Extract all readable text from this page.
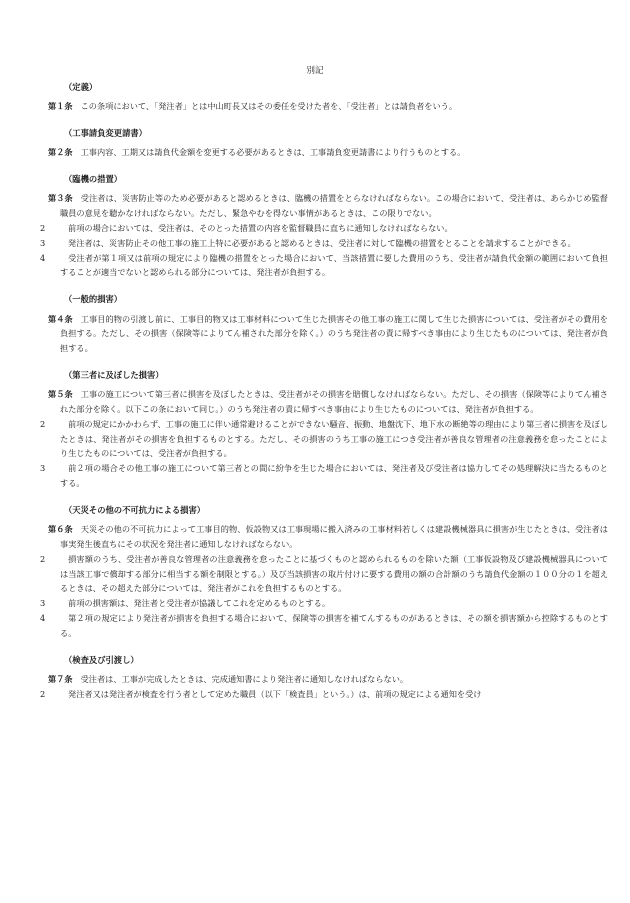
別記
（定義）
第１条 この条項において、「発注者」とは中山町長又はその委任を受けた者を、「受注者」とは請負者をいう。
（工事請負変更請書）
第２条 工事内容、工期又は請負代金額を変更する必要があるときは、工事請負変更請書により行うものとする。
（臨機の措置）
第３条 受注者は、災害防止等のため必要があると認めるときは、臨機の措置をとらなければならない。この場合において、受注者は、あらかじめ監督職員の意見を聴かなければならない。ただし、緊急やむを得ない事情があるときは、この限りでない。
2	前項の場合においては、受注者は、そのとった措置の内容を監督職員に直ちに通知しなければならない。
3	発注者は、災害防止その他工事の施工上特に必要があると認めるときは、受注者に対して臨機の措置をとることを請求することができる。
4	受注者が第１項又は前項の規定により臨機の措置をとった場合において、当該措置に要した費用のうち、受注者が請負代金額の範囲において負担することが適当でないと認められる部分については、発注者が負担する。
（一般的損害）
第４条 工事目的物の引渡し前に、工事目的物又は工事材料について生じた損害その他工事の施工に関して生じた損害については、受注者がその費用を負担する。ただし、その損害（保険等によりてん補された部分を除く。）のうち発注者の責に帰すべき事由により生じたものについては、発注者が負担する。
（第三者に及ぼした損害）
第５条 工事の施工について第三者に損害を及ぼしたときは、受注者がその損害を賠償しなければならない。ただし、その損害（保険等によりてん補された部分を除く。以下この条において同じ。）のうち発注者の責に帰すべき事由により生じたものについては、発注者が負担する。
2	前項の規定にかかわらず、工事の施工に伴い通常避けることができない騒音、振動、地盤沈下、地下水の断絶等の理由により第三者に損害を及ぼしたときは、発注者がその損害を負担するものとする。ただし、その損害のうち工事の施工につき受注者が善良な管理者の注意義務を怠ったことにより生じたものについては、受注者が負担する。
3	前２項の場合その他工事の施工について第三者との間に紛争を生じた場合においては、発注者及び受注者は協力してその処理解決に当たるものとする。
（天災その他の不可抗力による損害）
第６条 天災その他の不可抗力によって工事目的物、仮設物又は工事現場に搬入済みの工事材料若しくは建設機械器具に損害が生じたときは、受注者は事実発生後直ちにその状況を発注者に通知しなければならない。
2	損害額のうち、受注者が善良な管理者の注意義務を怠ったことに基づくものと認められるものを除いた額（工事仮設物及び建設機械器具については当該工事で償却する部分に相当する額を制限とする。）及び当該損害の取片付けに要する費用の額の合計額のうち請負代金額の１００分の１を超えるときは、その超えた部分については、発注者がこれを負担するものとする。
3	前項の損害額は、発注者と受注者が協議してこれを定めるものとする。
4	第２項の規定により発注者が損害を負担する場合において、保険等の損害を補てんするものがあるときは、その額を損害額から控除するものとする。
（検査及び引渡し）
第７条 受注者は、工事が完成したときは、完成通知書により発注者に通知しなければならない。
2	発注者又は発注者が検査を行う者として定めた職員（以下「検査員」という。）は、前項の規定による通知を受け
